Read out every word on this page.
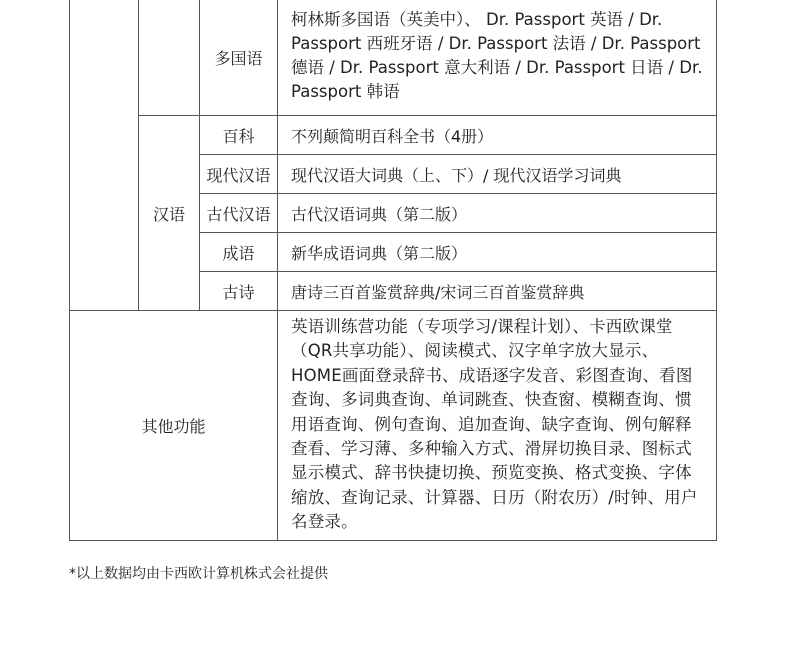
		多国语	柯林斯多国语（英美中）、 Dr. Passport 英语 / Dr. Passport 西班牙语 / Dr. Passport 法语 / Dr. Passport 德语 / Dr. Passport 意大利语 / Dr. Passport 日语 / Dr. Passport 韩语
	汉语	百科	不列颠简明百科全书（4册）
		现代汉语	现代汉语大词典（上、下）/ 现代汉语学习词典
		古代汉语	古代汉语词典（第二版）
		成语	新华成语词典（第二版）
		古诗	唐诗三百首鉴赏辞典/宋词三百首鉴赏辞典
其他功能			英语训练营功能（专项学习/课程计划）、卡西欧课堂（QR共享功能）、阅读模式、汉字单字放大显示、HOME画面登录辞书、成语逐字发音、彩图查询、看图查询、多词典查询、单词跳查、快查窗、模糊查询、惯用语查询、例句查询、追加查询、缺字查询、例句解释查看、学习薄、多种输入方式、滑屏切换目录、图标式显示模式、辞书快捷切换、预览变换、格式变换、字体缩放、查询记录、计算器、日历（附农历）/时钟、用户名登录。
*以上数据均由卡西欧计算机株式会社提供
